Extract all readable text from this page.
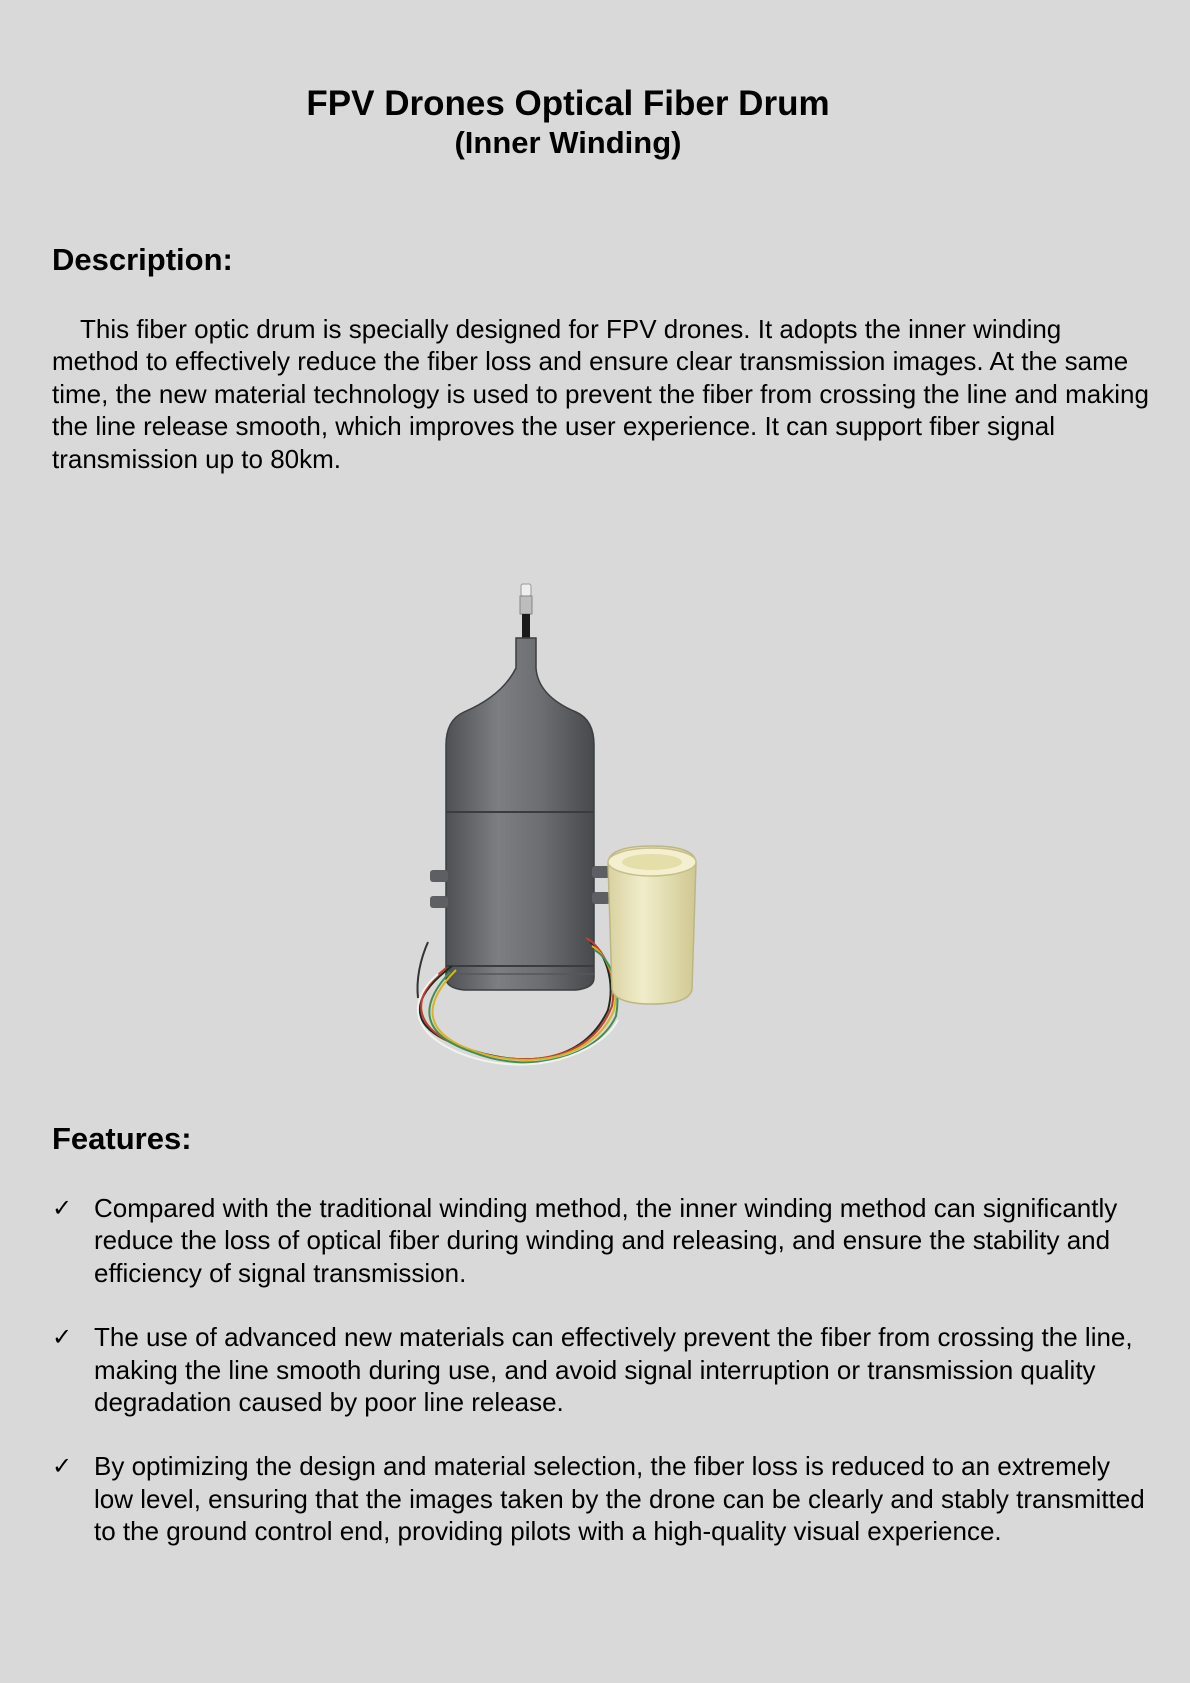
FPV Drones Optical Fiber Drum
(Inner Winding)
Description:

This fiber optic drum is specially designed for FPV drones. It adopts the inner winding method to effectively reduce the fiber loss and ensure clear transmission images. At the same time, the new material technology is used to prevent the fiber from crossing the line and making the line release smooth, which improves the user experience. It can support fiber signal transmission up to 80km.

Features:
✓ Compared with the traditional winding method, the inner winding method can significantly reduce the loss of optical fiber during winding and releasing, and ensure the stability and efficiency of signal transmission.
✓ The use of advanced new materials can effectively prevent the fiber from crossing the line, making the line smooth during use, and avoid signal interruption or transmission quality degradation caused by poor line release.
✓ By optimizing the design and material selection, the fiber loss is reduced to an extremely low level, ensuring that the images taken by the drone can be clearly and stably transmitted to the ground control end, providing pilots with a high-quality visual experience.
